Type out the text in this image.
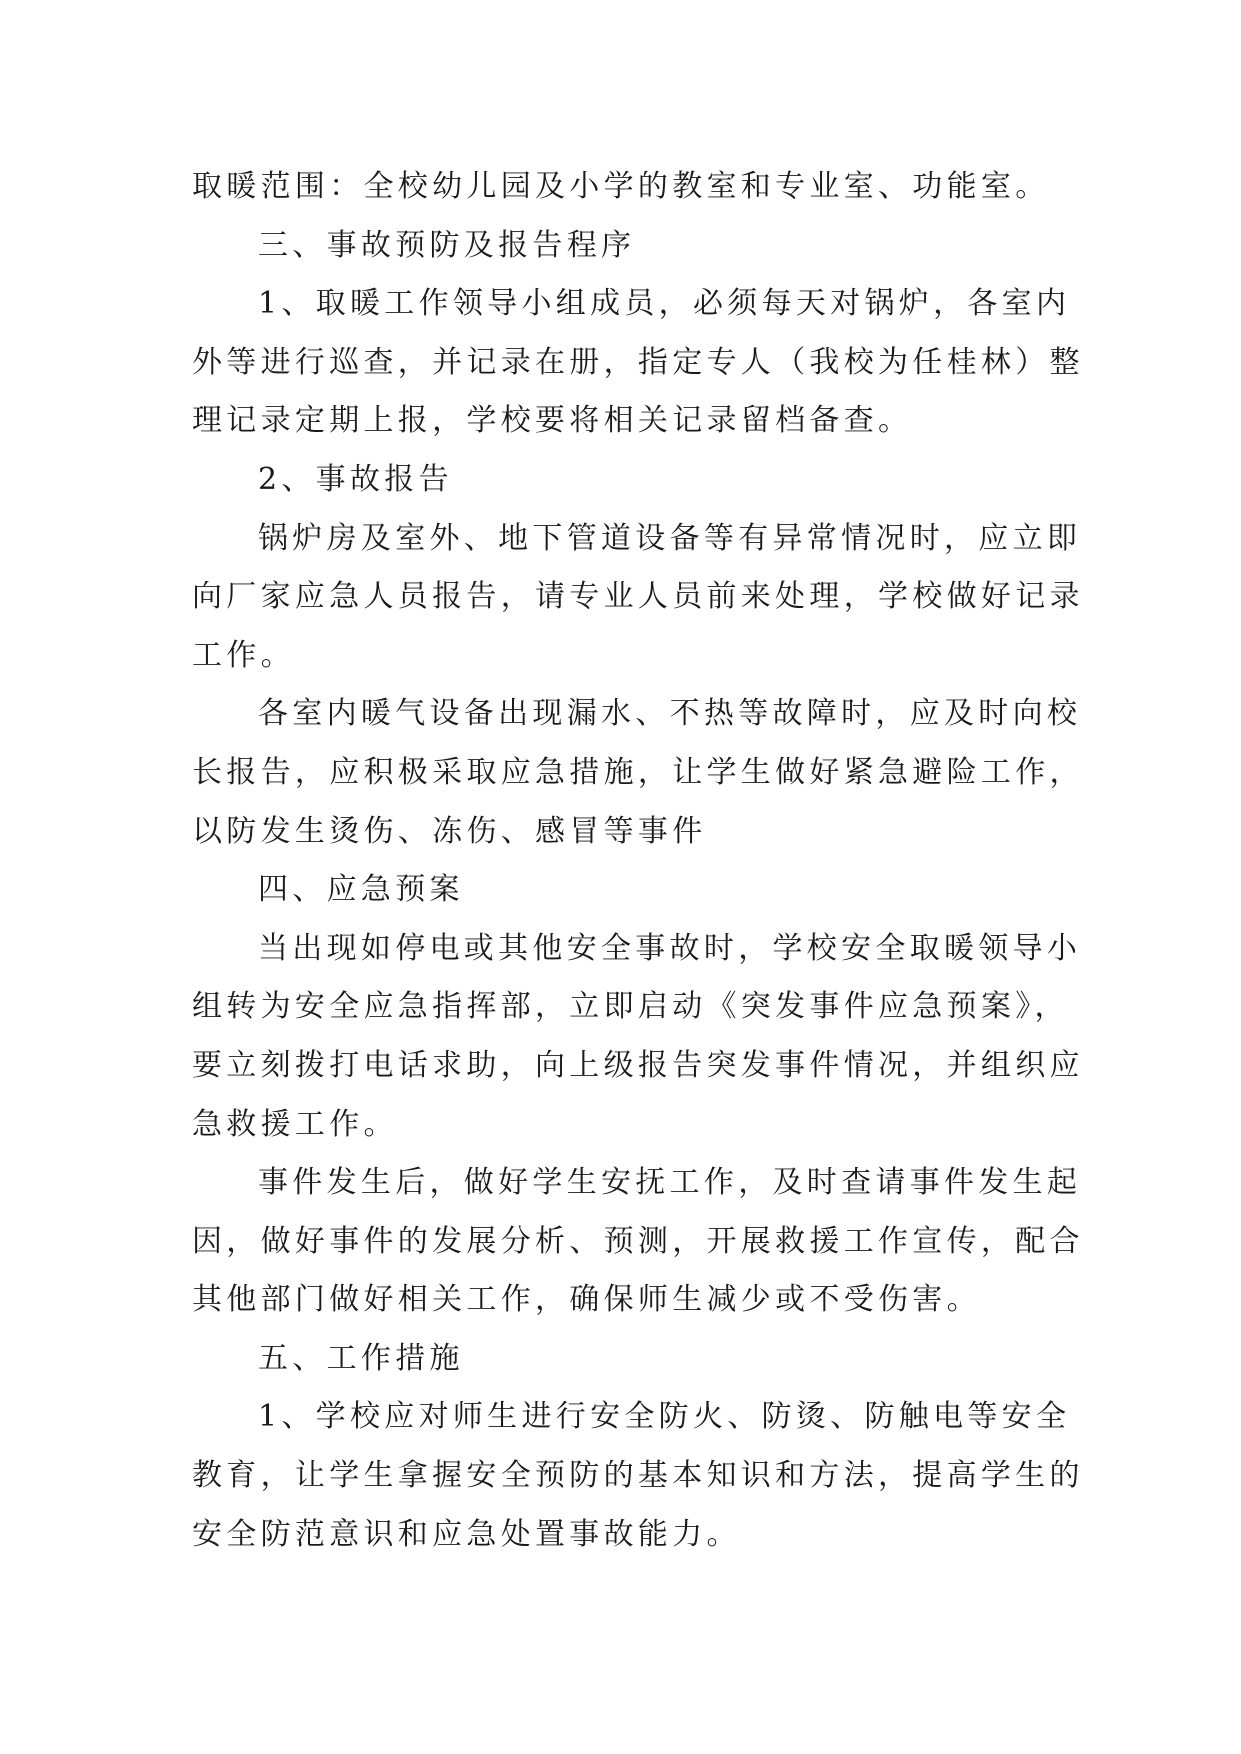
取暖范围：全校幼儿园及小学的教室和专业室、功能室。
三、事故预防及报告程序
1、取暖工作领导小组成员，必须每天对锅炉，各室内
外等进行巡查，并记录在册，指定专人（我校为任桂林）整
理记录定期上报，学校要将相关记录留档备查。
2、事故报告
锅炉房及室外、地下管道设备等有异常情况时，应立即
向厂家应急人员报告，请专业人员前来处理，学校做好记录
工作。
各室内暖气设备出现漏水、不热等故障时，应及时向校
长报告，应积极采取应急措施，让学生做好紧急避险工作，
以防发生烫伤、冻伤、感冒等事件
四、应急预案
当出现如停电或其他安全事故时，学校安全取暖领导小
组转为安全应急指挥部，立即启动《突发事件应急预案》，
要立刻拨打电话求助，向上级报告突发事件情况，并组织应
急救援工作。
事件发生后，做好学生安抚工作，及时查请事件发生起
因，做好事件的发展分析、预测，开展救援工作宣传，配合
其他部门做好相关工作，确保师生减少或不受伤害。
五、工作措施
1、学校应对师生进行安全防火、防烫、防触电等安全
教育，让学生拿握安全预防的基本知识和方法，提高学生的
安全防范意识和应急处置事故能力。
